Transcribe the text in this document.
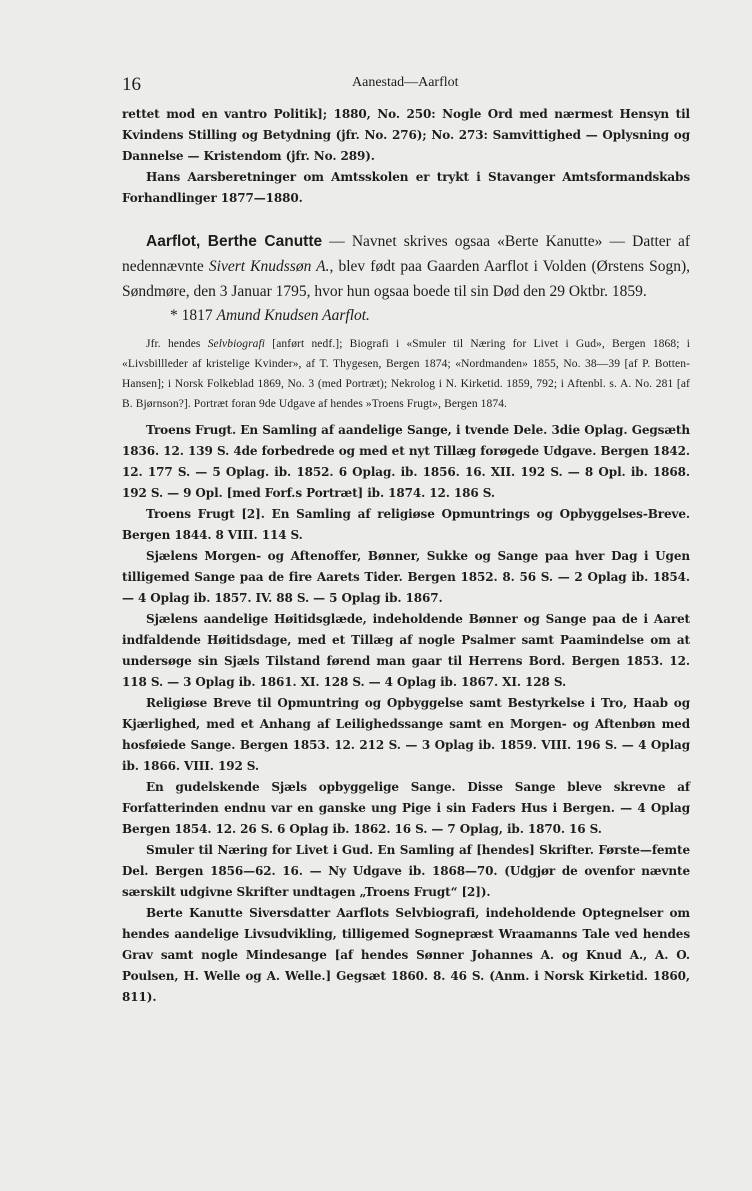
16	Aanestad—Aarflot

rettet mod en vantro Politik]; 1880, No. 250: Nogle Ord med nærmest Hensyn til Kvindens Stilling og Betydning (jfr. No. 276); No. 273: Samvittighed — Oplysning og Dannelse — Kristendom (jfr. No. 289).

Hans Aarsberetninger om Amtsskolen er trykt i Stavanger Amtsformandskabs Forhandlinger 1877—1880.

Aarflot, Berthe Canutte — Navnet skrives ogsaa «Berte Kanutte» — Datter af nedennævnte Sivert Knudssøn A., blev født paa Gaarden Aarflot i Volden (Ørstens Sogn), Søndmøre, den 3 Januar 1795, hvor hun ogsaa boede til sin Død den 29 Oktbr. 1859.

* 1817 Amund Knudsen Aarflot.

Jfr. hendes Selvbiografi [anført nedf.]; Biografi i «Smuler til Næring for Livet i Gud», Bergen 1868; i «Livsbillleder af kristelige Kvinder», af T. Thygesen, Bergen 1874; «Nordmanden» 1855, No. 38—39 [af P. Botten-Hansen]; i Norsk Folkeblad 1869, No. 3 (med Portræt); Nekrolog i N. Kirketid. 1859, 792; i Aftenbl. s. A. No. 281 [af B. Bjørnson?]. Portræt foran 9de Udgave af hendes »Troens Frugt», Bergen 1874.

Troens Frugt. En Samling af aandelige Sange, i tvende Dele. 3die Oplag. Gegsæth 1836. 12. 139 S. 4de forbedrede og med et nyt Tillæg forøgede Udgave. Bergen 1842. 12. 177 S. — 5 Oplag. ib. 1852. 6 Oplag. ib. 1856. 16. XII. 192 S. — 8 Opl. ib. 1868. 192 S. — 9 Opl. [med Forf.s Portræt] ib. 1874. 12. 186 S.

Troens Frugt [2]. En Samling af religiøse Opmuntrings og Opbyggelses-Breve. Bergen 1844. 8 VIII. 114 S.

Sjælens Morgen- og Aftenoffer, Bønner, Sukke og Sange paa hver Dag i Ugen tilligemed Sange paa de fire Aarets Tider. Bergen 1852. 8. 56 S. — 2 Oplag ib. 1854. — 4 Oplag ib. 1857. IV. 88 S. — 5 Oplag ib. 1867.

Sjælens aandelige Høitidsglæde, indeholdende Bønner og Sange paa de i Aaret indfaldende Høitidsdage, med et Tillæg af nogle Psalmer samt Paamindelse om at undersøge sin Sjæls Tilstand førend man gaar til Herrens Bord. Bergen 1853. 12. 118 S. — 3 Oplag ib. 1861. XI. 128 S. — 4 Oplag ib. 1867. XI. 128 S.

Religiøse Breve til Opmuntring og Opbyggelse samt Bestyrkelse i Tro, Haab og Kjærlighed, med et Anhang af Leilighedssange samt en Morgen- og Aftenbøn med hosføiede Sange. Bergen 1853. 12. 212 S. — 3 Oplag ib. 1859. VIII. 196 S. — 4 Oplag ib. 1866. VIII. 192 S.

En gudelskende Sjæls opbyggelige Sange. Disse Sange bleve skrevne af Forfatterinden endnu var en ganske ung Pige i sin Faders Hus i Bergen. — 4 Oplag Bergen 1854. 12. 26 S. 6 Oplag ib. 1862. 16 S. — 7 Oplag, ib. 1870. 16 S.

Smuler til Næring for Livet i Gud. En Samling af [hendes] Skrifter. Første—femte Del. Bergen 1856—62. 16. — Ny Udgave ib. 1868—70. (Udgjør de ovenfor nævnte særskilt udgivne Skrifter undtagen „Troens Frugt“ [2]).

Berte Kanutte Siversdatter Aarflots Selvbiografi, indeholdende Optegnelser om hendes aandelige Livsudvikling, tilligemed Sognepræst Wraamanns Tale ved hendes Grav samt nogle Mindesange [af hendes Sønner Johannes A. og Knud A., A. O. Poulsen, H. Welle og A. Welle.] Gegsæt 1860. 8. 46 S. (Anm. i Norsk Kirketid. 1860, 811).
